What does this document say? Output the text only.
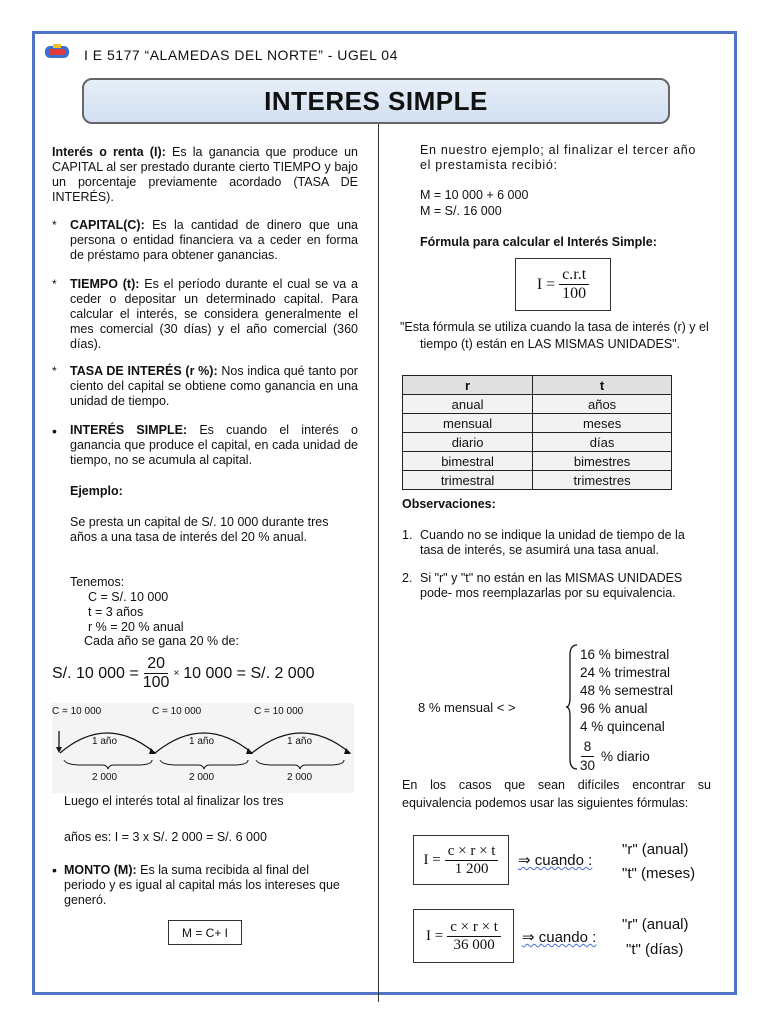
I E 5177 “ALAMEDAS DEL NORTE” - UGEL 04
INTERES SIMPLE
Interés o renta (I): Es la ganancia que produce un CAPITAL al ser prestado durante cierto TIEMPO y bajo un porcentaje previamente acordado (TASA DE INTERÉS).
* CAPITAL(C): Es la cantidad de dinero que una persona o entidad financiera va a ceder en forma de préstamo para obtener ganancias.
* TIEMPO (t): Es el período durante el cual se va a ceder o depositar un determinado capital. Para calcular el interés, se considera generalmente el mes comercial (30 días) y el año comercial (360 días).
* TASA DE INTERÉS (r %): Nos indica qué tanto por ciento del capital se obtiene como ganancia en una unidad de tiempo.
• INTERÉS SIMPLE: Es cuando el interés o ganancia que produce el capital, en cada unidad de tiempo, no se acumula al capital.
Ejemplo:
Se presta un capital de S/. 10 000 durante tres años a una tasa de interés del 20 % anual.
Tenemos:
C = S/. 10 000
t = 3 años
r % = 20 % anual
Cada año se gana 20 % de:
S/. 10 $000 = \frac{20}{100} \times 10$ 000 = S/. 2 000
C = 10 000	C = 10 000	C = 10 000
1 año	1 año	1 año
2 000	2 000	2 000
Luego el interés total al finalizar los tres
años es: I = 3 x S/. 2 000 = S/. 6 000
• MONTO (M): Es la suma recibida al final del periodo y es igual al capital más los intereses que generó.
M = C+ I
En nuestro ejemplo; al finalizar el tercer año el prestamista recibió:
M = 10 000 + 6 000
M = S/. 16 000
Fórmula para calcular el Interés Simple:
$I = \frac{c.r.t}{100}$
"Esta fórmula se utiliza cuando la tasa de interés (r) y el tiempo (t) están en LAS MISMAS UNIDADES".
r	t
anual	años
mensual	meses
diario	días
bimestral	bimestres
trimestral	trimestres
Observaciones:
1. Cuando no se indique la unidad de tiempo de la tasa de interés, se asumirá una tasa anual.
2. Si "r" y "t" no están en las MISMAS UNIDADES pode- mos reemplazarlas por su equivalencia.
8 % mensual < >
16 % bimestral
24 % trimestral
48 % semestral
96 % anual
4 % quincenal
$\frac{8}{30}$ % diario
En los casos que sean difíciles encontrar su equivalencia podemos usar las siguientes fórmulas:
$I = \frac{c \times r \times t}{1 200}$ ⇒ cuando :
"r" (anual)
"t" (meses)
$I = \frac{c \times r \times t}{36 000}$ ⇒ cuando :
"r" (anual)
"t" (días)
